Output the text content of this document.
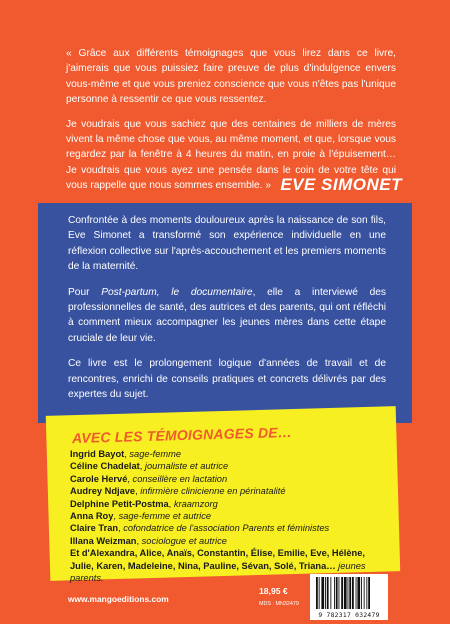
« Grâce aux différents témoignages que vous lirez dans ce livre, j'aimerais que vous puissiez faire preuve de plus d'indulgence envers vous-même et que vous preniez conscience que vous n'êtes pas l'unique personne à ressentir ce que vous ressentez.

Je voudrais que vous sachiez que des centaines de milliers de mères vivent la même chose que vous, au même moment, et que, lorsque vous regardez par la fenêtre à 4 heures du matin, en proie à l'épuisement… Je voudrais que vous ayez une pensée dans le coin de votre tête qui vous rappelle que nous sommes ensemble. » EVE SIMONET

Confrontée à des moments douloureux après la naissance de son fils, Eve Simonet a transformé son expérience individuelle en une réflexion collective sur l'après-accouchement et les premiers moments de la maternité.

Pour Post-partum, le documentaire, elle a interviewé des professionnelles de santé, des autrices et des parents, qui ont réfléchi à comment mieux accompagner les jeunes mères dans cette étape cruciale de leur vie.

Ce livre est le prolongement logique d'années de travail et de rencontres, enrichi de conseils pratiques et concrets délivrés par des expertes du sujet.

AVEC LES TÉMOIGNAGES DE…
Ingrid Bayot, sage-femme
Céline Chadelat, journaliste et autrice
Carole Hervé, conseillère en lactation
Audrey Ndjave, infirmière clinicienne en périnatalité
Delphine Petit-Postma, kraamzorg
Anna Roy, sage-femme et autrice
Claire Tran, cofondatrice de l'association Parents et féministes
Illana Weizman, sociologue et autrice
Et d'Alexandra, Alice, Anaïs, Constantin, Élise, Emilie, Eve, Hélène, Julie, Karen, Madeleine, Nina, Pauline, Sévan, Solé, Triana… jeunes parents.
www.mangoeditions.com
18,95 €
MDS : MN32479
9 782317 032479
